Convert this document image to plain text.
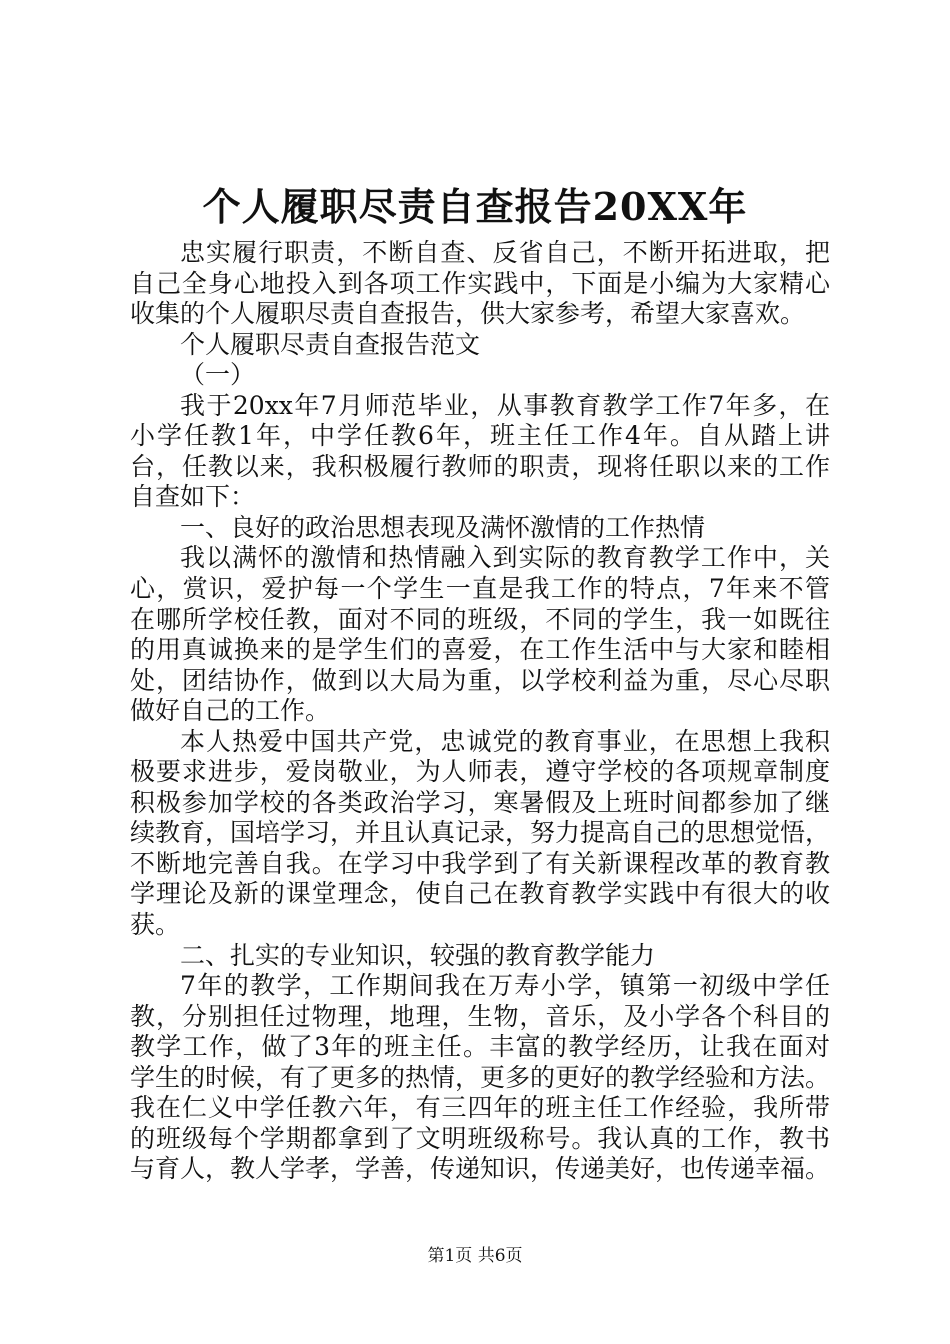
个人履职尽责自查报告20XX年
忠实履行职责，不断自查、反省自己，不断开拓进取，把
自己全身心地投入到各项工作实践中，下面是小编为大家精心
收集的个人履职尽责自查报告，供大家参考，希望大家喜欢。
个人履职尽责自查报告范文
（一）
我于20xx年7月师范毕业，从事教育教学工作7年多，在
小学任教1年，中学任教6年，班主任工作4年。自从踏上讲
台，任教以来，我积极履行教师的职责，现将任职以来的工作
自查如下：
一、良好的政治思想表现及满怀激情的工作热情
我以满怀的激情和热情融入到实际的教育教学工作中，关
心，赏识，爱护每一个学生一直是我工作的特点，7年来不管
在哪所学校任教，面对不同的班级，不同的学生，我一如既往
的用真诚换来的是学生们的喜爱，在工作生活中与大家和睦相
处，团结协作，做到以大局为重，以学校利益为重，尽心尽职
做好自己的工作。
本人热爱中国共产党，忠诚党的教育事业，在思想上我积
极要求进步，爱岗敬业，为人师表，遵守学校的各项规章制度
积极参加学校的各类政治学习，寒暑假及上班时间都参加了继
续教育，国培学习，并且认真记录，努力提高自己的思想觉悟，
不断地完善自我。在学习中我学到了有关新课程改革的教育教
学理论及新的课堂理念，使自己在教育教学实践中有很大的收
获。
二、扎实的专业知识，较强的教育教学能力
7年的教学，工作期间我在万寿小学，镇第一初级中学任
教，分别担任过物理，地理，生物，音乐，及小学各个科目的
教学工作，做了3年的班主任。丰富的教学经历，让我在面对
学生的时候，有了更多的热情，更多的更好的教学经验和方法。
我在仁义中学任教六年，有三四年的班主任工作经验，我所带
的班级每个学期都拿到了文明班级称号。我认真的工作，教书
与育人，教人学孝，学善，传递知识，传递美好，也传递幸福。
第1页 共6页
